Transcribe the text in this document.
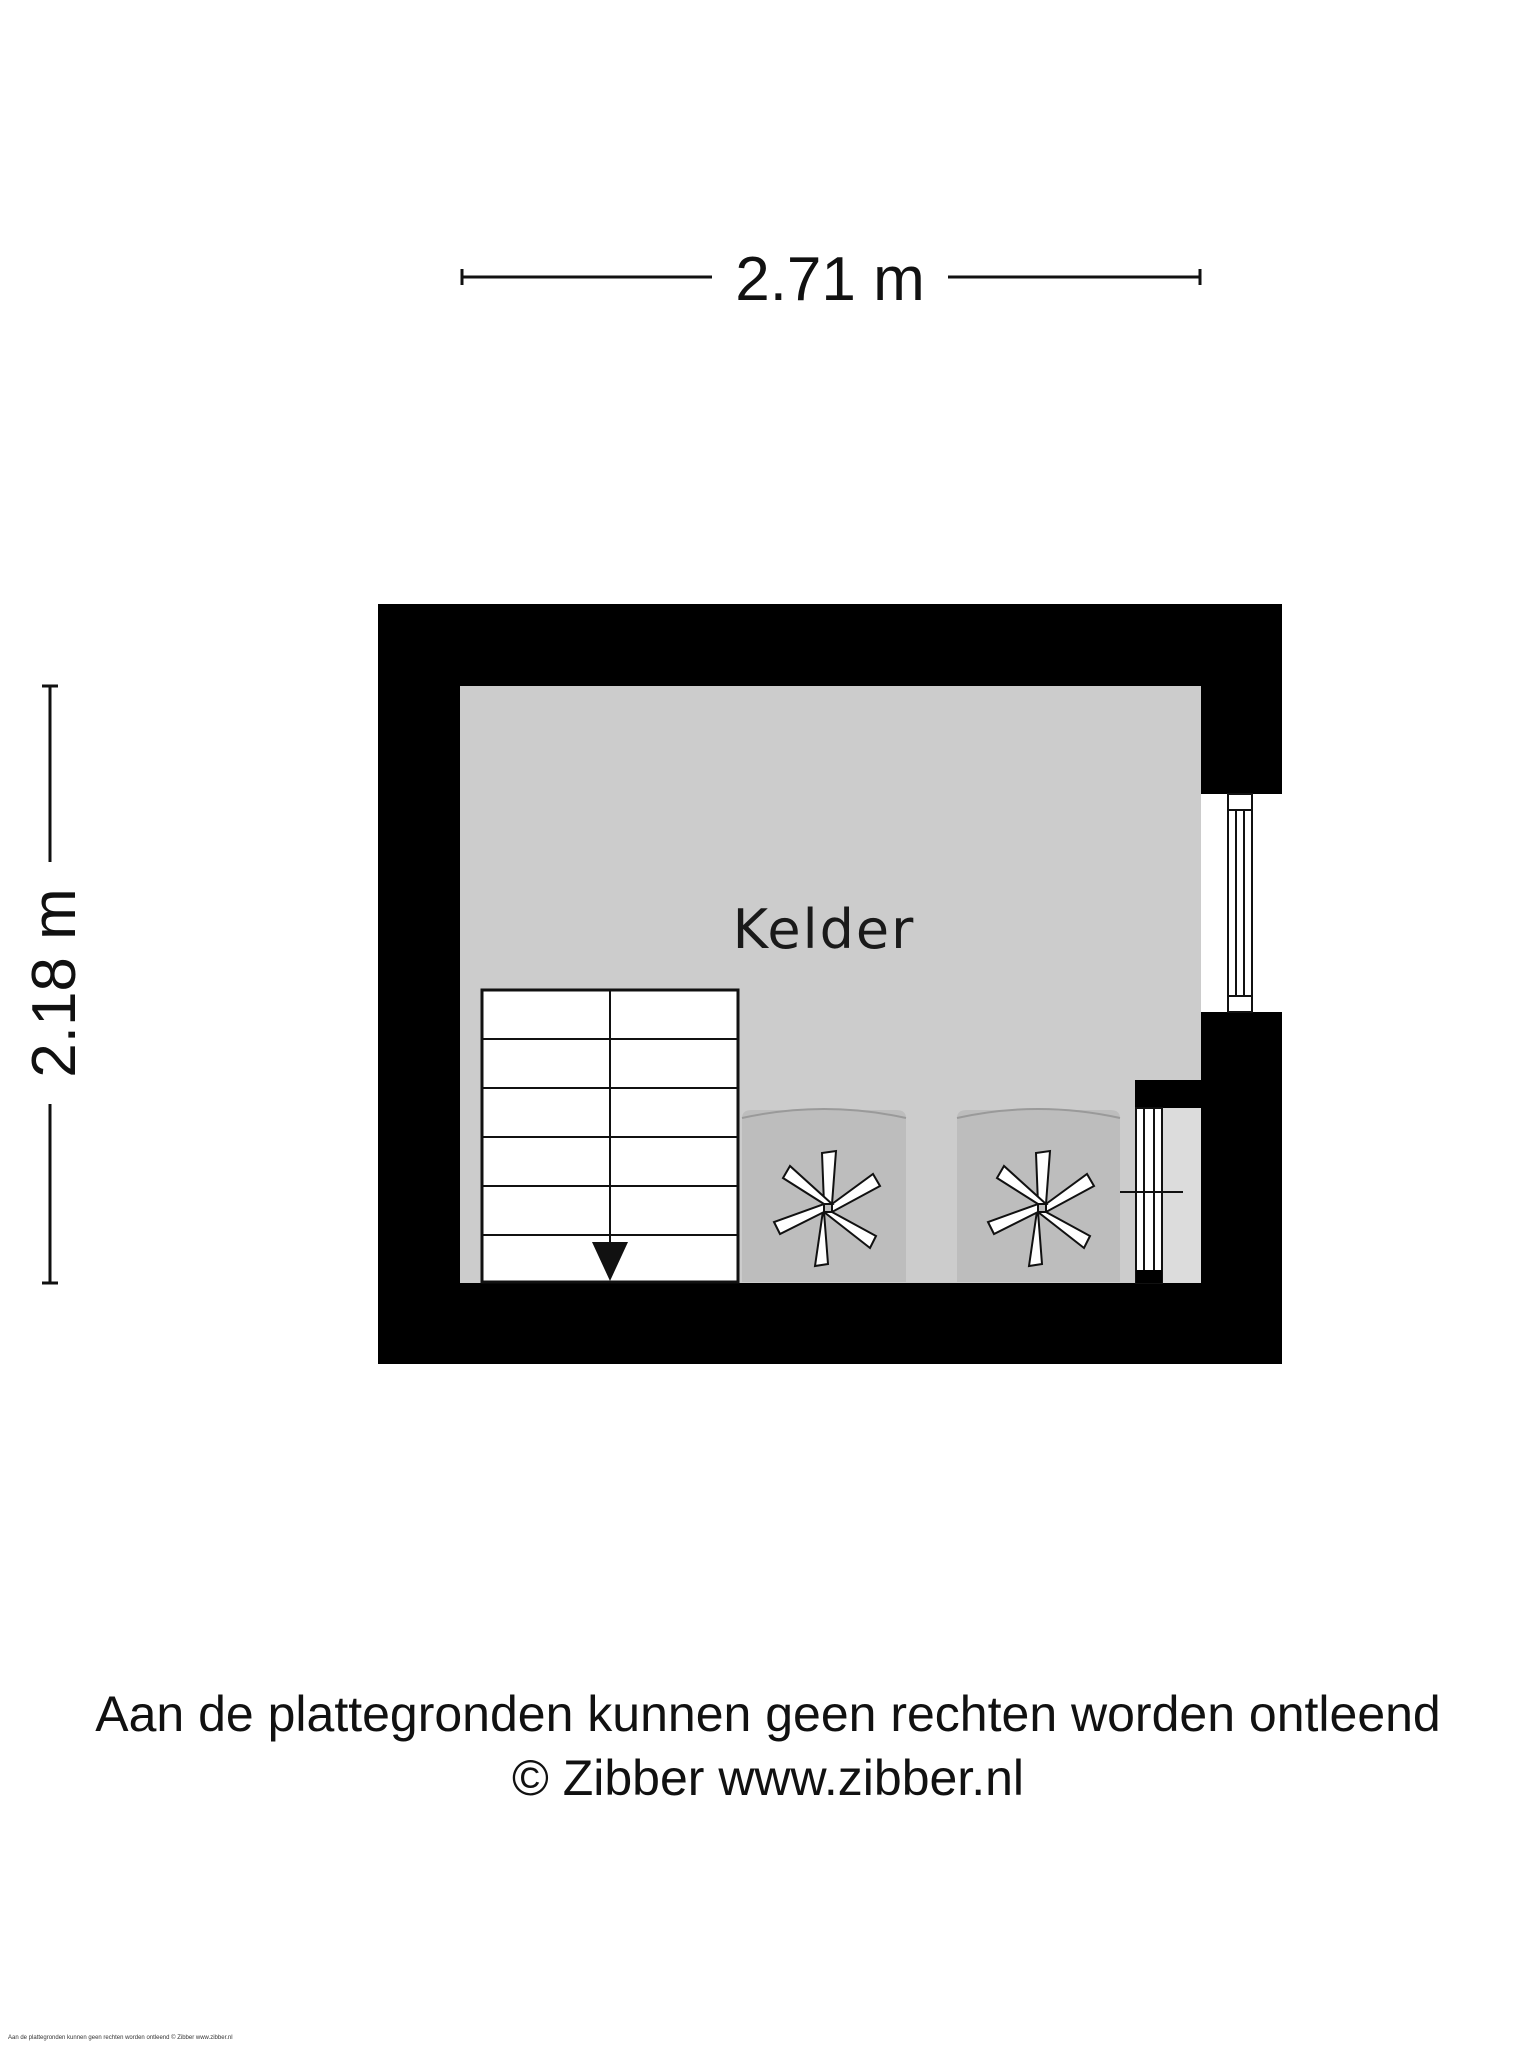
2.71 m
2.18 m	Kelder

Aan de plattegronden kunnen geen rechten worden ontleend

© Zibber www.zibber.nl

Aan de plattegronden kunnen geen rechten worden ontleend © Zibber www.zibber.nl
